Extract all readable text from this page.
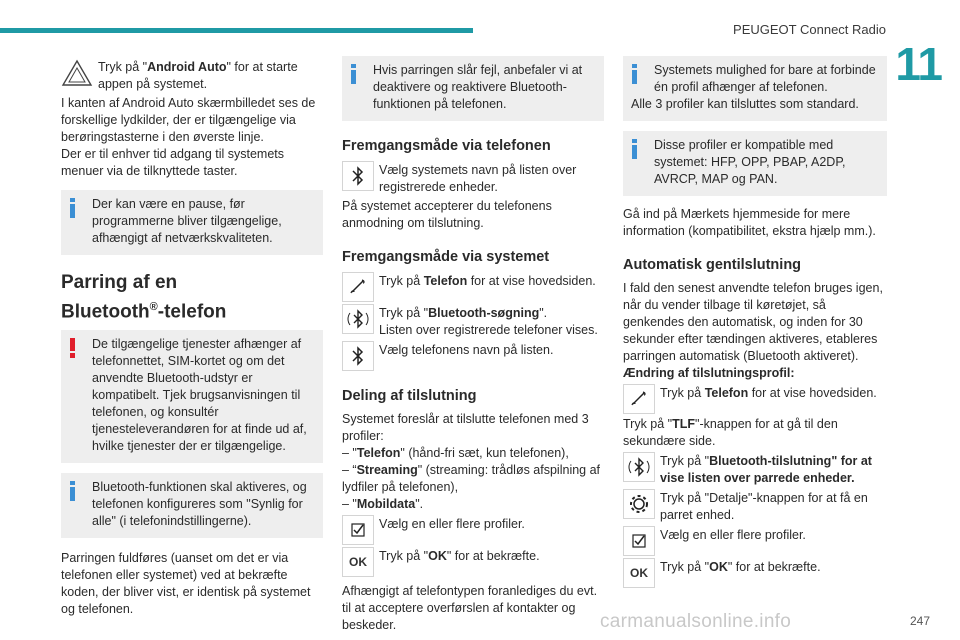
PEUGEOT Connect Radio
11
Tryk på "Android Auto" for at starte appen på systemet.

I kanten af Android Auto skærmbilledet ses de forskellige lydkilder, der er tilgængelige via berøringstasterne i den øverste linje.

Der er til enhver tid adgang til systemets menuer via de tilknyttede taster.

Der kan være en pause, før programmerne bliver tilgængelige, afhængigt af netværkskvaliteten.
Parring af en
Bluetooth®-telefon
De tilgængelige tjenester afhænger af telefonnettet, SIM-kortet og om det anvendte Bluetooth-udstyr er kompatibelt. Tjek brugsanvisningen til telefonen, og konsultér tjenesteleverandøren for at finde ud af, hvilke tjenester der er tilgængelige.
Bluetooth-funktionen skal aktiveres, og telefonen konfigureres som "Synlig for alle" (i telefonindstillingerne).

Parringen fuldføres (uanset om det er via telefonen eller systemet) ved at bekræfte koden, der bliver vist, er identisk på systemet og telefonen.

Hvis parringen slår fejl, anbefaler vi at deaktivere og reaktivere Bluetooth-funktionen på telefonen.
Fremgangsmåde via telefonen
Vælg systemets navn på listen over registrerede enheder.

På systemet accepterer du telefonens anmodning om tilslutning.

Fremgangsmåde via systemet
Tryk på Telefon for at vise hovedsiden.
Tryk på "Bluetooth-søgning".
Listen over registrerede telefoner vises.
Vælg telefonens navn på listen.
Deling af tilslutning

Systemet foreslår at tilslutte telefonen med 3 profiler:

– "Telefon" (hånd-fri sæt, kun telefonen),

– “Streaming" (streaming: trådløs afspilning af lydfiler på telefonen),

– "Mobildata".

Vælg en eller flere profiler.
OK Tryk på "OK" for at bekræfte.

Afhængigt af telefontypen foranlediges du evt. til at acceptere overførslen af kontakter og beskeder.

Systemets mulighed for bare at forbinde én profil afhænger af telefonen.
Alle 3 profiler kan tilsluttes som standard.
Disse profiler er kompatible med systemet: HFP, OPP, PBAP, A2DP, AVRCP, MAP og PAN.

Gå ind på Mærkets hjemmeside for mere information (kompatibilitet, ekstra hjælp mm.).

Automatisk gentilslutning

I fald den senest anvendte telefon bruges igen, når du vender tilbage til køretøjet, så genkendes den automatisk, og inden for 30 sekunder efter tændingen aktiveres, etableres parringen automatisk (Bluetooth aktiveret).

Ændring af tilslutningsprofil:

Tryk på Telefon for at vise hovedsiden.

Tryk på "TLF"-knappen for at gå til den sekundære side.

Tryk på "Bluetooth-tilslutning" for at vise listen over parrede enheder.
Tryk på "Detalje"-knappen for at få en parret enhed.
Vælg en eller flere profiler.
OK Tryk på "OK" for at bekræfte.
carmanualsonline.info	247
